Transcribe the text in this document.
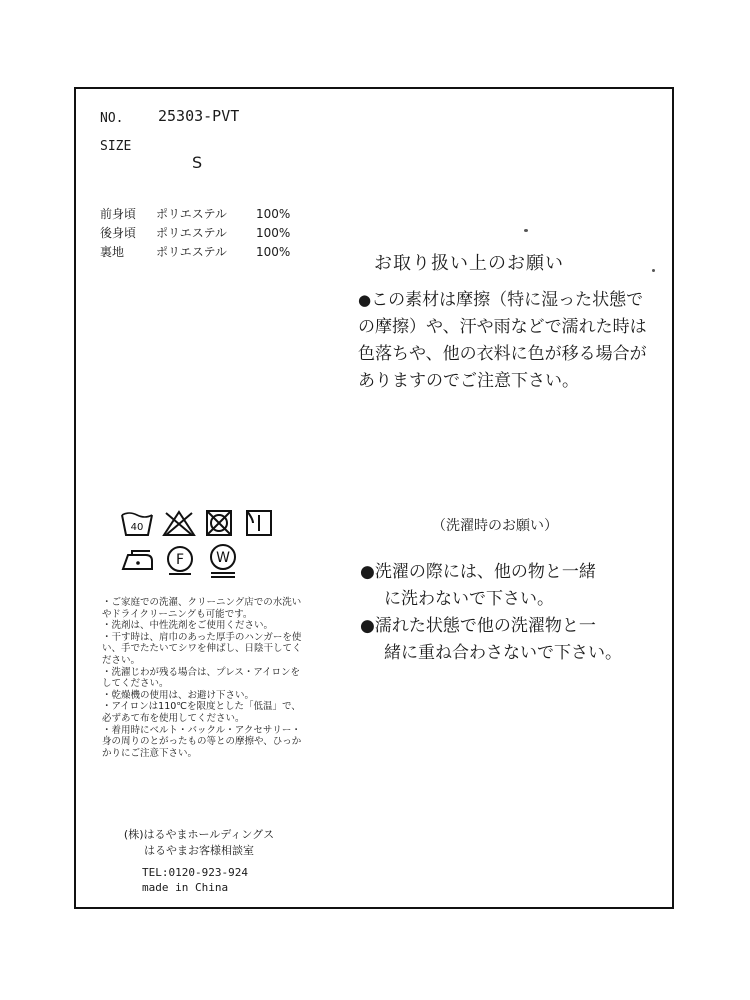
NO. 25303-PVT
SIZE
S
前身頃	ポリエステル	100%
後身頃	ポリエステル	100%
裏地	ポリエステル	100%
お取り扱い上のお願い
●この素材は摩擦（特に湿った状態での摩擦）や、汗や雨などで濡れた時は色落ちや、他の衣料に色が移る場合がありますのでご注意下さい。
（洗濯時のお願い）
●洗濯の際には、他の物と一緒
に洗わないで下さい。
●濡れた状態で他の洗濯物と一
緒に重ね合わさないで下さい。
40
F W
・ご家庭での洗濯、クリーニング店での水洗いやドライクリーニングも可能です。
・洗剤は、中性洗剤をご使用ください。
・干す時は、肩巾のあった厚手のハンガーを使い、手でたたいてシワを伸ばし、日陰干してください。
・洗濯じわが残る場合は、プレス・アイロンをしてください。
・乾燥機の使用は、お避け下さい。
・アイロンは110℃を限度とした「低温」で、必ずあて布を使用してください。
・着用時にベルト・バックル・アクセサリー・身の周りのとがったもの等との摩擦や、ひっかかりにご注意下さい。
(株)はるやまホールディングス
はるやまお客様相談室
TEL:0120-923-924
made in China
